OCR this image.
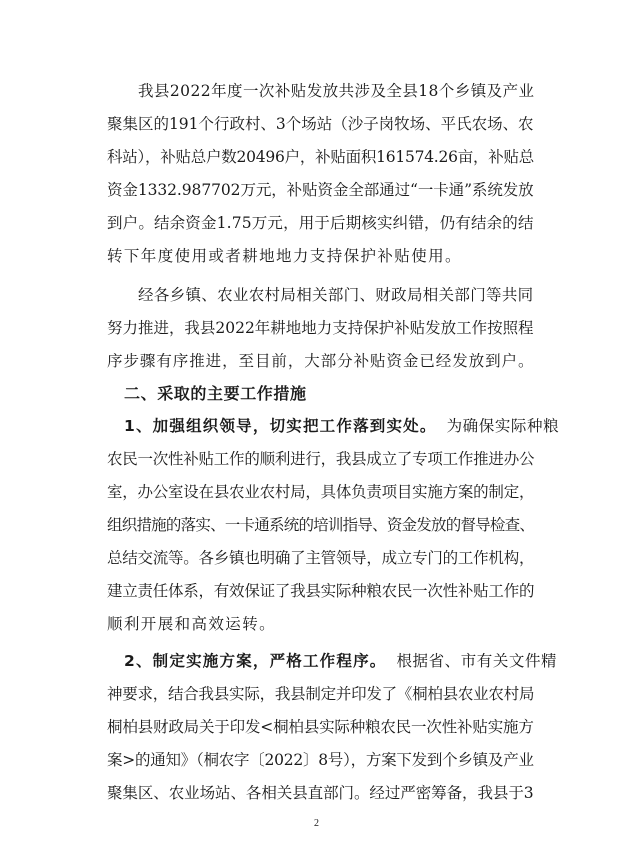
我县2022年度一次补贴发放共涉及全县18个乡镇及产业
聚集区的191个行政村、3个场站（沙子岗牧场、平氏农场、农
科站），补贴总户数20496户，补贴面积161574.26亩，补贴总
资金1332.987702万元，补贴资金全部通过“一卡通”系统发放
到户。结余资金1.75万元，用于后期核实纠错，仍有结余的结
转下年度使用或者耕地地力支持保护补贴使用。
经各乡镇、农业农村局相关部门、财政局相关部门等共同
努力推进，我县2022年耕地地力支持保护补贴发放工作按照程
序步骤有序推进，至目前，大部分补贴资金已经发放到户。
二、采取的主要工作措施
1、加强组织领导，切实把工作落到实处。 为确保实际种粮
农民一次性补贴工作的顺利进行，我县成立了专项工作推进办公
室，办公室设在县农业农村局，具体负责项目实施方案的制定，
组织措施的落实、一卡通系统的培训指导、资金发放的督导检查、
总结交流等。各乡镇也明确了主管领导，成立专门的工作机构，
建立责任体系，有效保证了我县实际种粮农民一次性补贴工作的
顺利开展和高效运转。
2、制定实施方案，严格工作程序。 根据省、市有关文件精
神要求，结合我县实际，我县制定并印发了《桐柏县农业农村局
桐柏县财政局关于印发<桐柏县实际种粮农民一次性补贴实施方
案>的通知》（桐农字〔2022〕8号），方案下发到个乡镇及产业
聚集区、农业场站、各相关县直部门。经过严密筹备，我县于3
2
